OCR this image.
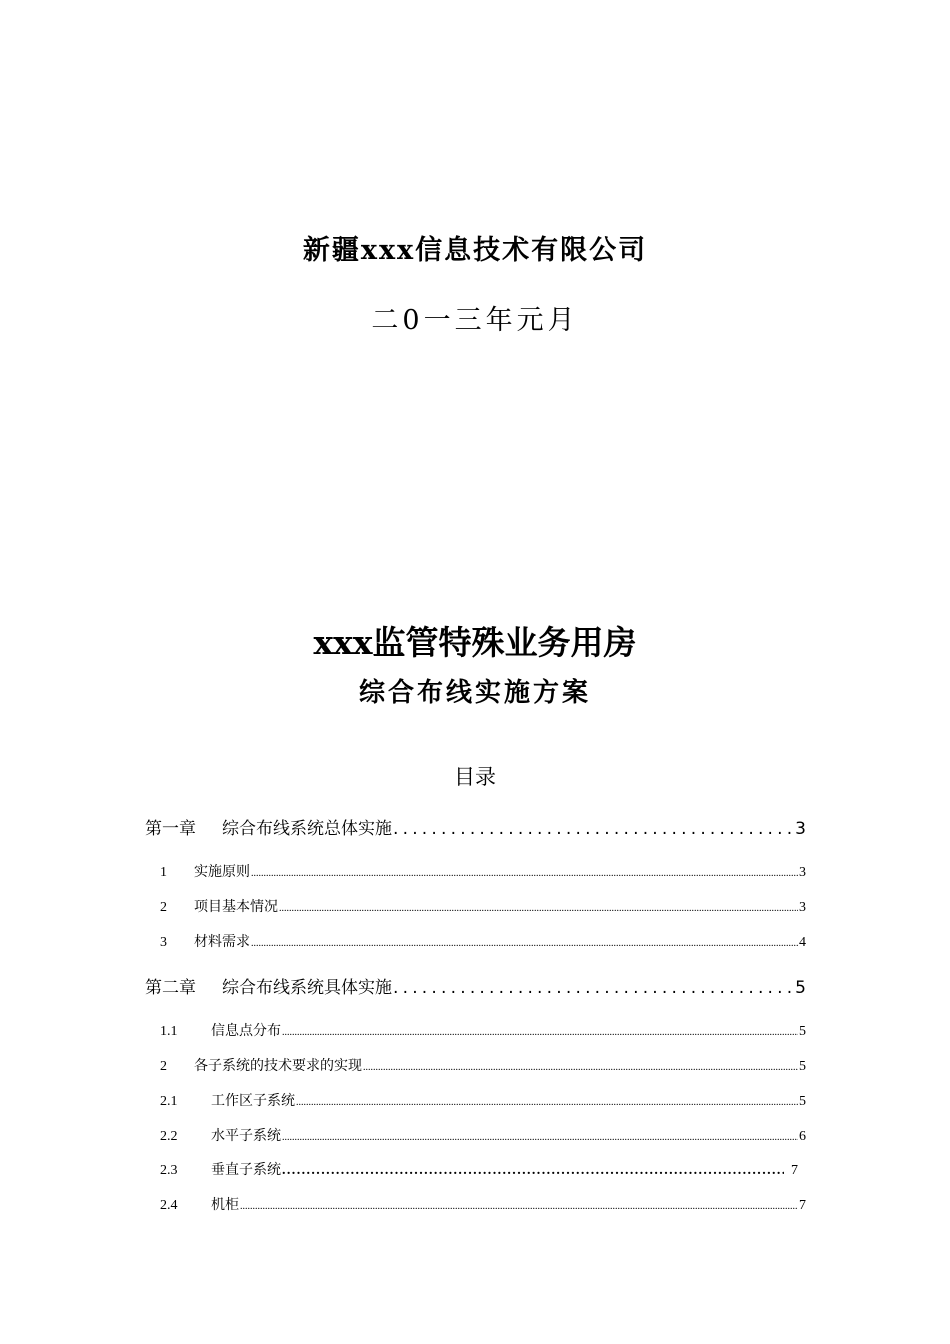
新疆xxx信息技术有限公司
二0一三年元月
xxx监管特殊业务用房
综合布线实施方案
目录
第一章	综合布线系统总体实施 .....	3
1	实施原则 .....	3
2	项目基本情况 .....	3
3	材料需求 .....	4
第二章	综合布线系统具体实施 .....	5
1.1	信息点分布 .....	5
2	各子系统的技术要求的实现 .....	5
2.1	工作区子系统 .....	5
2.2	水平子系统 .....	6
2.3	垂直子系统 .....	7
2.4	机柜 .....	7
